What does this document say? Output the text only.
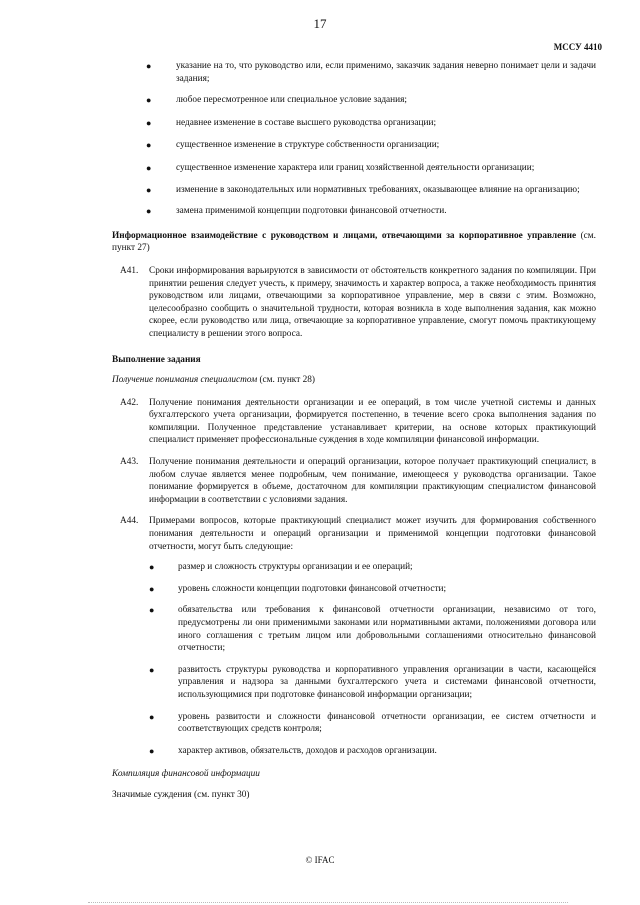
17
МССУ 4410
●	указание на то, что руководство или, если применимо, заказчик задания неверно понимает цели и задачи задания;
●	любое пересмотренное или специальное условие задания;
●	недавнее изменение в составе высшего руководства организации;
●	существенное изменение в структуре собственности организации;
●	существенное изменение характера или границ хозяйственной деятельности организации;
●	изменение в законодательных или нормативных требованиях, оказывающее влияние на организацию;
●	замена применимой концепции подготовки финансовой отчетности.
Информационное взаимодействие с руководством и лицами, отвечающими за корпоративное управление (см. пункт 27)
A41. Сроки информирования варьируются в зависимости от обстоятельств конкретного задания по компиляции. При принятии решения следует учесть, к примеру, значимость и характер вопроса, а также необходимость принятия руководством или лицами, отвечающими за корпоративное управление, мер в связи с этим. Возможно, целесообразно сообщить о значительной трудности, которая возникла в ходе выполнения задания, как можно скорее, если руководство или лица, отвечающие за корпоративное управление, смогут помочь практикующему специалисту в решении этого вопроса.
Выполнение задания
Получение понимания специалистом (см. пункт 28)
A42. Получение понимания деятельности организации и ее операций, в том числе учетной системы и данных бухгалтерского учета организации, формируется постепенно, в течение всего срока выполнения задания по компиляции. Полученное представление устанавливает критерии, на основе которых практикующий специалист применяет профессиональные суждения в ходе компиляции финансовой информации.
A43. Получение понимания деятельности и операций организации, которое получает практикующий специалист, в любом случае является менее подробным, чем понимание, имеющееся у руководства организации. Такое понимание формируется в объеме, достаточном для компиляции практикующим специалистом финансовой информации в соответствии с условиями задания.
A44. Примерами вопросов, которые практикующий специалист может изучить для формирования собственного понимания деятельности и операций организации и применимой концепции подготовки финансовой отчетности, могут быть следующие:
●	размер и сложность структуры организации и ее операций;
●	уровень сложности концепции подготовки финансовой отчетности;
●	обязательства или требования к финансовой отчетности организации, независимо от того, предусмотрены ли они применимыми законами или нормативными актами, положениями договора или иного соглашения с третьим лицом или добровольными соглашениями относительно финансовой отчетности;
●	развитость структуры руководства и корпоративного управления организации в части, касающейся управления и надзора за данными бухгалтерского учета и системами финансовой отчетности, использующимися при подготовке финансовой информации организации;
●	уровень развитости и сложности финансовой отчетности организации, ее систем отчетности и соответствующих средств контроля;
●	характер активов, обязательств, доходов и расходов организации.
Компиляция финансовой информации
Значимые суждения (см. пункт 30)
© IFAC
